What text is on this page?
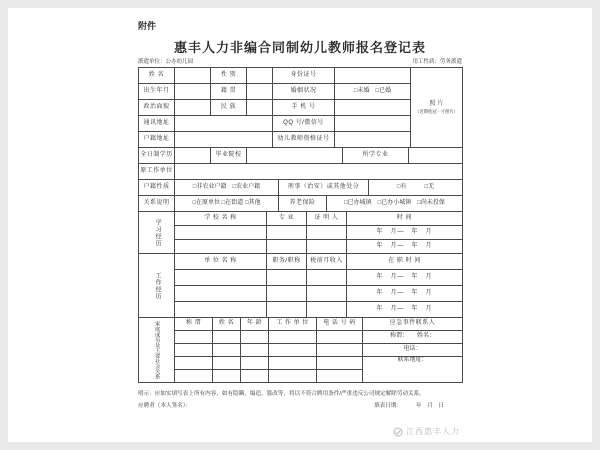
附件
惠丰人力非编合同制幼儿教师报名登记表
派遣单位：公办幼儿园	用工性质：劳务派遣
姓 名		性 别		身份证号		照 片
（近期免冠一寸照片）

出生年月		籍 贯		婚姻状况	□未婚　□已婚	
政治面貌		民 族		手 机 号		
通讯地址				QQ 号/微信号		
户籍地址				幼儿教师资格证号		
全日制学历		毕业院校		所学专业	
原工作单位	
户籍性质	□非农业户籍　□农业户籍	刑事（治安）或其他处分	□有　　　□无
关系说明	□在原单位 □在街道 □其他	养老保险	□已办城镇　□已办小城镇　□尚未投保
学习经历	学 校 名 称	专 业	证 明 人	时 间
				年　月—　年　月
				年　月—　年　月
工作经历	单 位 名 称	职务/职称	税前月收入	在 职 时 间
				年　月—　年　月
				年　月—　年　月
				年　月—　年　月
家庭成员及主要社会关系	称 谓	姓 名	年 龄	工 作 单 位	电 话 号 码	应急事件联系人
						称谓：　　姓名：
						电话：
						联系地址：

明示：应如实填写表上所有内容，如有隐瞒、编造、篡改等，将以不符合聘用条件/严重违反公司规定解除劳动关系。
应聘者（本人签名）：	填表日期：　　　年　月　日
江西惠丰人力
